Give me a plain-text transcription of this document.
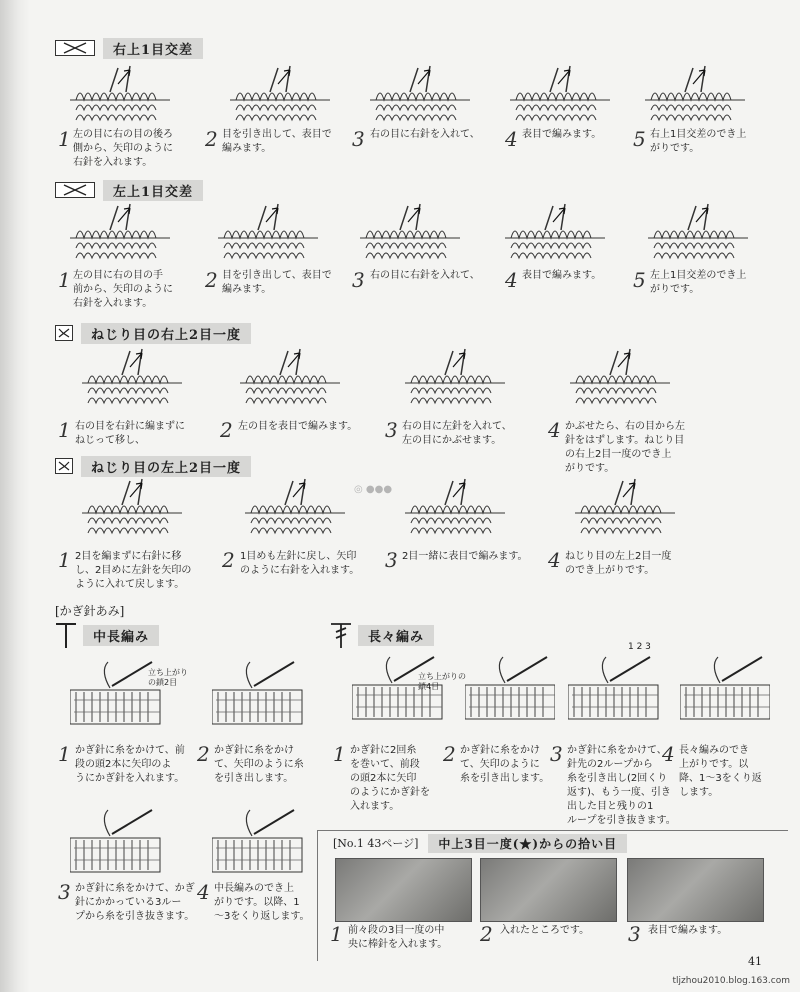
右上1目交差
1 左の目に右の目の後ろ
側から、矢印のように
右針を入れます。
2 目を引き出して、表目で
編みます。	3 右の目に右針を入れて、 4 表目で編みます。 5 右上1目交差のでき上
がりです。
左上1目交差
1 左の目に右の目の手
前から、矢印のように
右針を入れます。
2 目を引き出して、表目で
編みます。	3 右の目に右針を入れて、 4 表目で編みます。 5 左上1目交差のでき上
がりです。
ねじり目の右上2目一度
1 右の目を右針に編まずに
ねじって移し、	2 左の目を表目で編みます。 3 右の目に左針を入れて、
左の目にかぶせます。	4 かぶせたら、右の目から左
針をはずします。ねじり目
の右上2目一度のでき上
がりです。
ねじり目の左上2目一度
◎ ●●●
1 2目を編まずに右針に移
し、2目めに左針を矢印の
ように入れて戻します。
2 1目めも左針に戻し、矢印
のように右針を入れます。 3 2目一緒に表目で編みます。 4 ねじり目の左上2目一度
のでき上がりです。
[かぎ針あみ]
中長編み
立ち上がり
の鎖2目
1 かぎ針に糸をかけて、前
段の頭2本に矢印のよ
うにかぎ針を入れます。
2 かぎ針に糸をかけ
て、矢印のように糸
を引き出します。
3 かぎ針に糸をかけて、かぎ
針にかかっている3ルー
プから糸を引き抜きます。
4 中長編みのでき上
がりです。以降、1
〜3をくり返します。
長々編み
立ち上がりの
鎖4目
1 2 3
1 かぎ針に2回糸
を巻いて、前段
の頭2本に矢印
のようにかぎ針を
入れます。
2 かぎ針に糸をかけ
て、矢印のように
糸を引き出します。
3 かぎ針に糸をかけて、
針先の2ループから
糸を引き出し(2回くり
返す)、もう一度、引き
出した目と残りの1
ループを引き抜きます。
4 長々編みのでき
上がりです。以
降、1〜3をくり返
します。
[No.1 43ページ]	中上3目一度(★)からの拾い目
1 前々段の3目一度の中
央に棒針を入れます。 2 入れたところです。 3 表目で編みます。
41
tljzhou2010.blog.163.com
